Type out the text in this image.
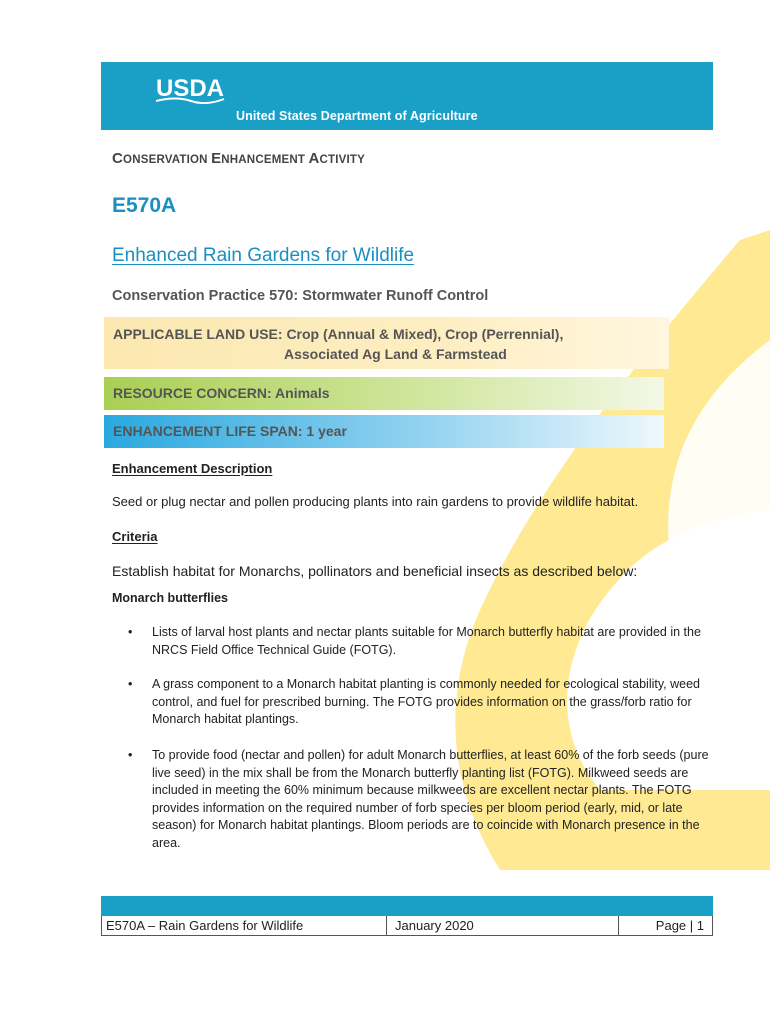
USDA
United States Department of Agriculture
CONSERVATION ENHANCEMENT ACTIVITY
E570A
Enhanced Rain Gardens for Wildlife
Conservation Practice 570: Stormwater Runoff Control
APPLICABLE LAND USE: Crop (Annual & Mixed), Crop (Perrennial),
Associated Ag Land & Farmstead
RESOURCE CONCERN: Animals
ENHANCEMENT LIFE SPAN: 1 year
Enhancement Description
Seed or plug nectar and pollen producing plants into rain gardens to provide wildlife habitat.
Criteria
Establish habitat for Monarchs, pollinators and beneficial insects as described below:
Monarch butterflies
• Lists of larval host plants and nectar plants suitable for Monarch butterfly habitat are provided in the NRCS Field Office Technical Guide (FOTG).
• A grass component to a Monarch habitat planting is commonly needed for ecological stability, weed control, and fuel for prescribed burning. The FOTG provides information on the grass/forb ratio for Monarch habitat plantings.
• To provide food (nectar and pollen) for adult Monarch butterflies, at least 60% of the forb seeds (pure live seed) in the mix shall be from the Monarch butterfly planting list (FOTG). Milkweed seeds are included in meeting the 60% minimum because milkweeds are excellent nectar plants. The FOTG provides information on the required number of forb species per bloom period (early, mid, or late season) for Monarch habitat plantings. Bloom periods are to coincide with Monarch presence in the area.
E570A – Rain Gardens for Wildlife	January 2020	Page | 1
